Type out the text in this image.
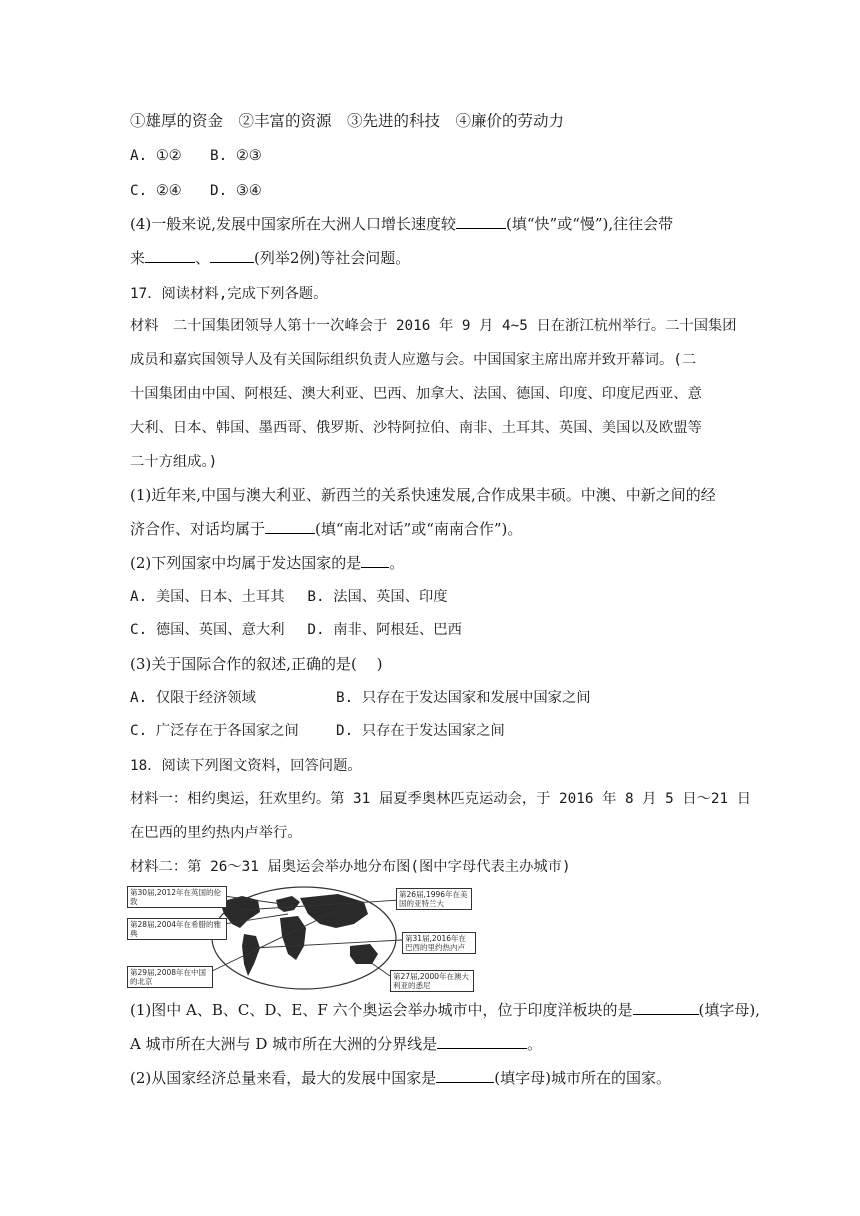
①雄厚的资金　②丰富的资源　③先进的科技　④廉价的劳动力
A. ①②　　B. ②③
C. ②④　　D. ③④
(4)一般来说,发展中国家所在大洲人口增长速度较	(填“快”或“慢”),往往会带
来	、	(列举2例)等社会问题。
17．阅读材料,完成下列各题。
材料　二十国集团领导人第十一次峰会于 2016 年 9 月 4~5 日在浙江杭州举行。二十国集团
成员和嘉宾国领导人及有关国际组织负责人应邀与会。中国国家主席出席并致开幕词。(二
十国集团由中国、阿根廷、澳大利亚、巴西、加拿大、法国、德国、印度、印度尼西亚、意
大利、日本、韩国、墨西哥、俄罗斯、沙特阿拉伯、南非、土耳其、英国、美国以及欧盟等
二十方组成。)
(1)近年来,中国与澳大利亚、新西兰的关系快速发展,合作成果丰硕。中澳、中新之间的经
济合作、对话均属于	(填“南北对话”或“南南合作”)。
(2)下列国家中均属于发达国家的是 。
A. 美国、日本、土耳其　 B. 法国、英国、印度
C. 德国、英国、意大利　 D. 南非、阿根廷、巴西
(3)关于国际合作的叙述,正确的是(　 )
A. 仅限于经济领域　　　　　 B. 只存在于发达国家和发展中国家之间
C. 广泛存在于各国家之间　　 D. 只存在于发达国家之间
18．阅读下列图文资料，回答问题。
材料一：相约奥运，狂欢里约。第 31 届夏季奥林匹克运动会，于 2016 年 8 月 5 日～21 日
在巴西的里约热内卢举行。
材料二：第 26～31 届奥运会举办地分布图(图中字母代表主办城市)
第30届,2012年在英国的伦敦
第28届,2004年在希腊的雅典
第29届,2008年在中国的北京
第26届,1996年在美国的亚特兰大
第31届,2016年在巴西的里约热内卢
第27届,2000年在澳大利亚的悉尼
(1)图中 A、B、C、D、E、F 六个奥运会举办城市中，位于印度洋板块的是	(填字母),
A 城市所在大洲与 D 城市所在大洲的分界线是	。
(2)从国家经济总量来看，最大的发展中国家是	(填字母)城市所在的国家。
